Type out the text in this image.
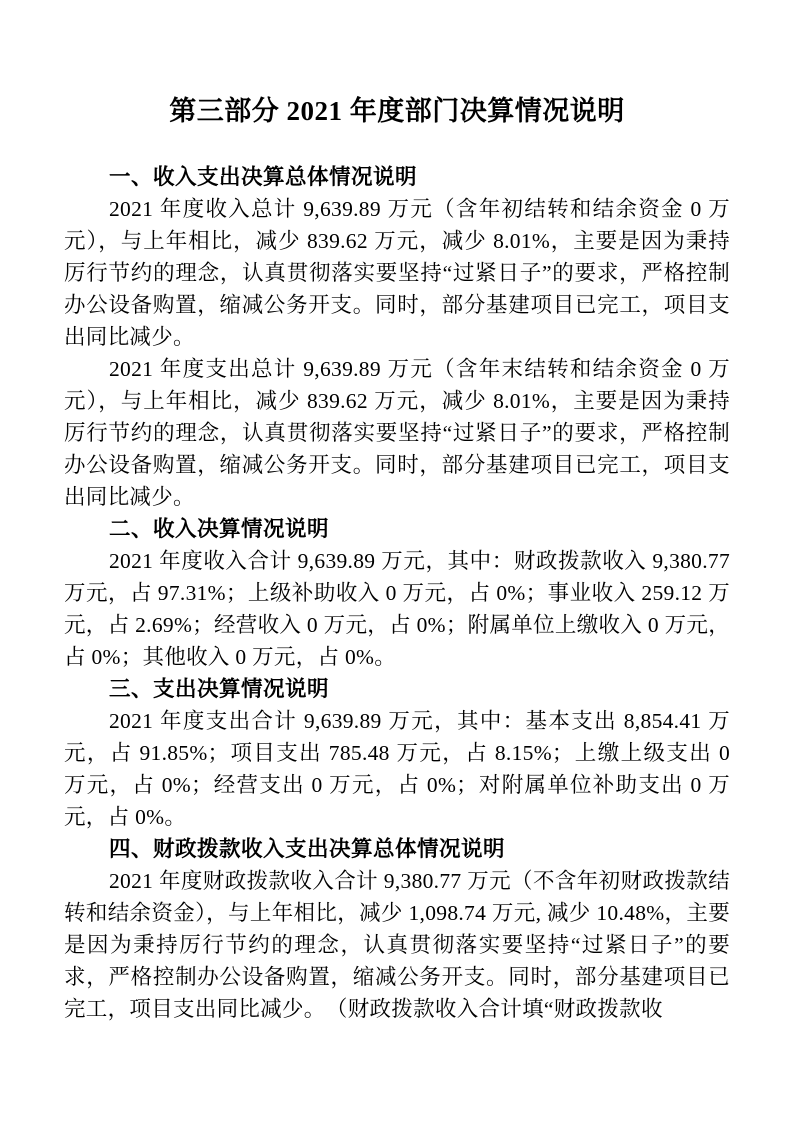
第三部分 2021 年度部门决算情况说明
一、收入支出决算总体情况说明

2021 年度收入总计 9,639.89 万元（含年初结转和结余资金 0 万元），与上年相比，减少 839.62 万元，减少 8.01%，主要是因为秉持厉行节约的理念，认真贯彻落实要坚持“过紧日子”的要求，严格控制办公设备购置，缩减公务开支。同时，部分基建项目已完工，项目支出同比减少。

2021 年度支出总计 9,639.89 万元（含年末结转和结余资金 0 万元），与上年相比，减少 839.62 万元，减少 8.01%，主要是因为秉持厉行节约的理念，认真贯彻落实要坚持“过紧日子”的要求，严格控制办公设备购置，缩减公务开支。同时，部分基建项目已完工，项目支出同比减少。

二、收入决算情况说明

2021 年度收入合计 9,639.89 万元，其中：财政拨款收入 9,380.77 万元，占 97.31%；上级补助收入 0 万元，占 0%；事业收入 259.12 万元，占 2.69%；经营收入 0 万元，占 0%；附属单位上缴收入 0 万元，占 0%；其他收入 0 万元，占 0%。

三、支出决算情况说明

2021 年度支出合计 9,639.89 万元，其中：基本支出 8,854.41 万元，占 91.85%；项目支出 785.48 万元，占 8.15%；上缴上级支出 0 万元，占 0%；经营支出 0 万元，占 0%；对附属单位补助支出 0 万元，占 0%。

四、财政拨款收入支出决算总体情况说明

2021 年度财政拨款收入合计 9,380.77 万元（不含年初财政拨款结转和结余资金），与上年相比，减少 1,098.74 万元, 减少 10.48%，主要是因为秉持厉行节约的理念，认真贯彻落实要坚持“过紧日子”的要求，严格控制办公设备购置，缩减公务开支。同时，部分基建项目已完工，项目支出同比减少。　（财政拨款收入合计填“财政拨款收
